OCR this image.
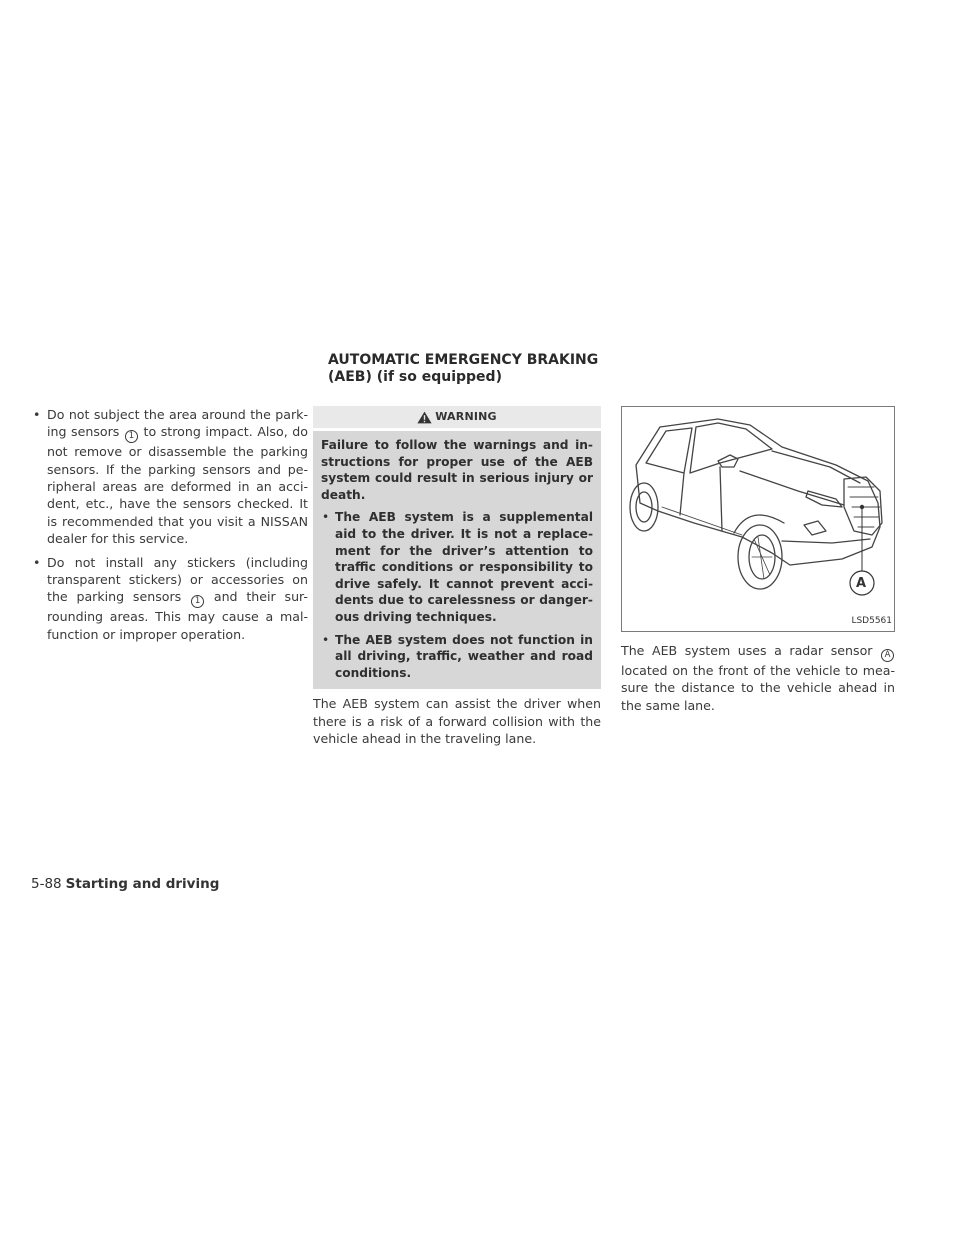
• Do not subject the area around the park- ing sensors 1 to strong impact. Also, do not remove or disassemble the parking sensors. If the parking sensors and pe- ripheral areas are deformed in an acci- dent, etc., have the sensors checked. It is recommended that you visit a NISSAN dealer for this service.
• Do not install any stickers (including transparent stickers) or accessories on the parking sensors 1 and their sur- rounding areas. This may cause a mal- function or improper operation.
AUTOMATIC EMERGENCY BRAKING
(AEB) (if so equipped)
WARNING

Failure to follow the warnings and in- structions for proper use of the AEB system could result in serious injury or death.

• The AEB system is a supplemental aid to the driver. It is not a replace- ment for the driver’s attention to traffic conditions or responsibility to drive safely. It cannot prevent acci- dents due to carelessness or danger- ous driving techniques.
• The AEB system does not function in all driving, traffic, weather and road conditions.

The AEB system can assist the driver when there is a risk of a forward collision with the vehicle ahead in the traveling lane.

A
LSD5561

The AEB system uses a radar sensor A located on the front of the vehicle to mea- sure the distance to the vehicle ahead in the same lane.

5-88 Starting and driving
